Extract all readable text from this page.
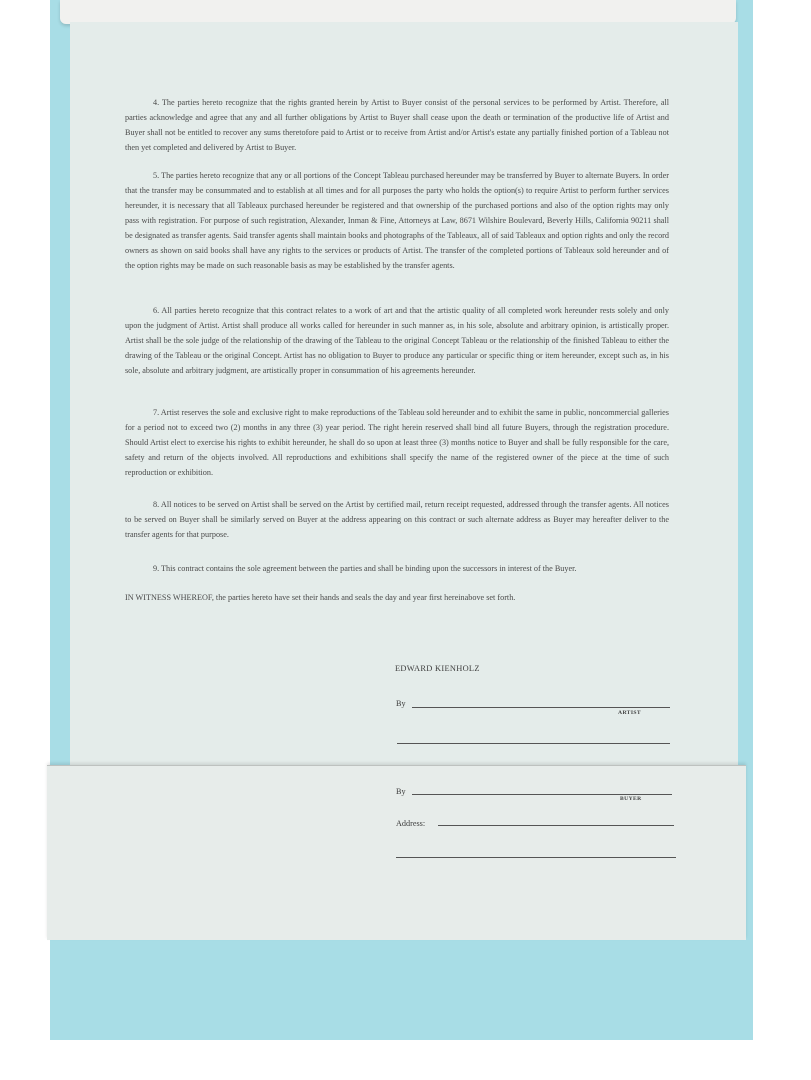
4. The parties hereto recognize that the rights granted herein by Artist to Buyer consist of the personal services to be performed by Artist. Therefore, all parties acknowledge and agree that any and all further obligations by Artist to Buyer shall cease upon the death or termination of the productive life of Artist and Buyer shall not be entitled to recover any sums theretofore paid to Artist or to receive from Artist and/or Artist's estate any partially finished portion of a Tableau not then yet completed and delivered by Artist to Buyer.

5. The parties hereto recognize that any or all portions of the Concept Tableau purchased hereunder may be transferred by Buyer to alternate Buyers. In order that the transfer may be consummated and to establish at all times and for all purposes the party who holds the option(s) to require Artist to perform further services hereunder, it is necessary that all Tableaux purchased hereunder be registered and that ownership of the purchased portions and also of the option rights may only pass with registration. For purpose of such registration, Alexander, Inman & Fine, Attorneys at Law, 8671 Wilshire Boulevard, Beverly Hills, California 90211 shall be designated as transfer agents. Said transfer agents shall maintain books and photographs of the Tableaux, all of said Tableaux and option rights and only the record owners as shown on said books shall have any rights to the services or products of Artist. The transfer of the completed portions of Tableaux sold hereunder and of the option rights may be made on such reasonable basis as may be established by the transfer agents.

6. All parties hereto recognize that this contract relates to a work of art and that the artistic quality of all completed work hereunder rests solely and only upon the judgment of Artist. Artist shall produce all works called for hereunder in such manner as, in his sole, absolute and arbitrary opinion, is artistically proper. Artist shall be the sole judge of the relationship of the drawing of the Tableau to the original Concept Tableau or the relationship of the finished Tableau to either the drawing of the Tableau or the original Concept. Artist has no obligation to Buyer to produce any particular or specific thing or item hereunder, except such as, in his sole, absolute and arbitrary judgment, are artistically proper in consummation of his agreements hereunder.

7. Artist reserves the sole and exclusive right to make reproductions of the Tableau sold hereunder and to exhibit the same in public, noncommercial galleries for a period not to exceed two (2) months in any three (3) year period. The right herein reserved shall bind all future Buyers, through the registration procedure. Should Artist elect to exercise his rights to exhibit hereunder, he shall do so upon at least three (3) months notice to Buyer and shall be fully responsible for the care, safety and return of the objects involved. All reproductions and exhibitions shall specify the name of the registered owner of the piece at the time of such reproduction or exhibition.

8. All notices to be served on Artist shall be served on the Artist by certified mail, return receipt requested, addressed through the transfer agents. All notices to be served on Buyer shall be similarly served on Buyer at the address appearing on this contract or such alternate address as Buyer may hereafter deliver to the transfer agents for that purpose.

9. This contract contains the sole agreement between the parties and shall be binding upon the successors in interest of the Buyer.

IN WITNESS WHEREOF, the parties hereto have set their hands and seals the day and year first hereinabove set forth.

EDWARD KIENHOLZ
By
ARTIST
By
BUYER
Address:
